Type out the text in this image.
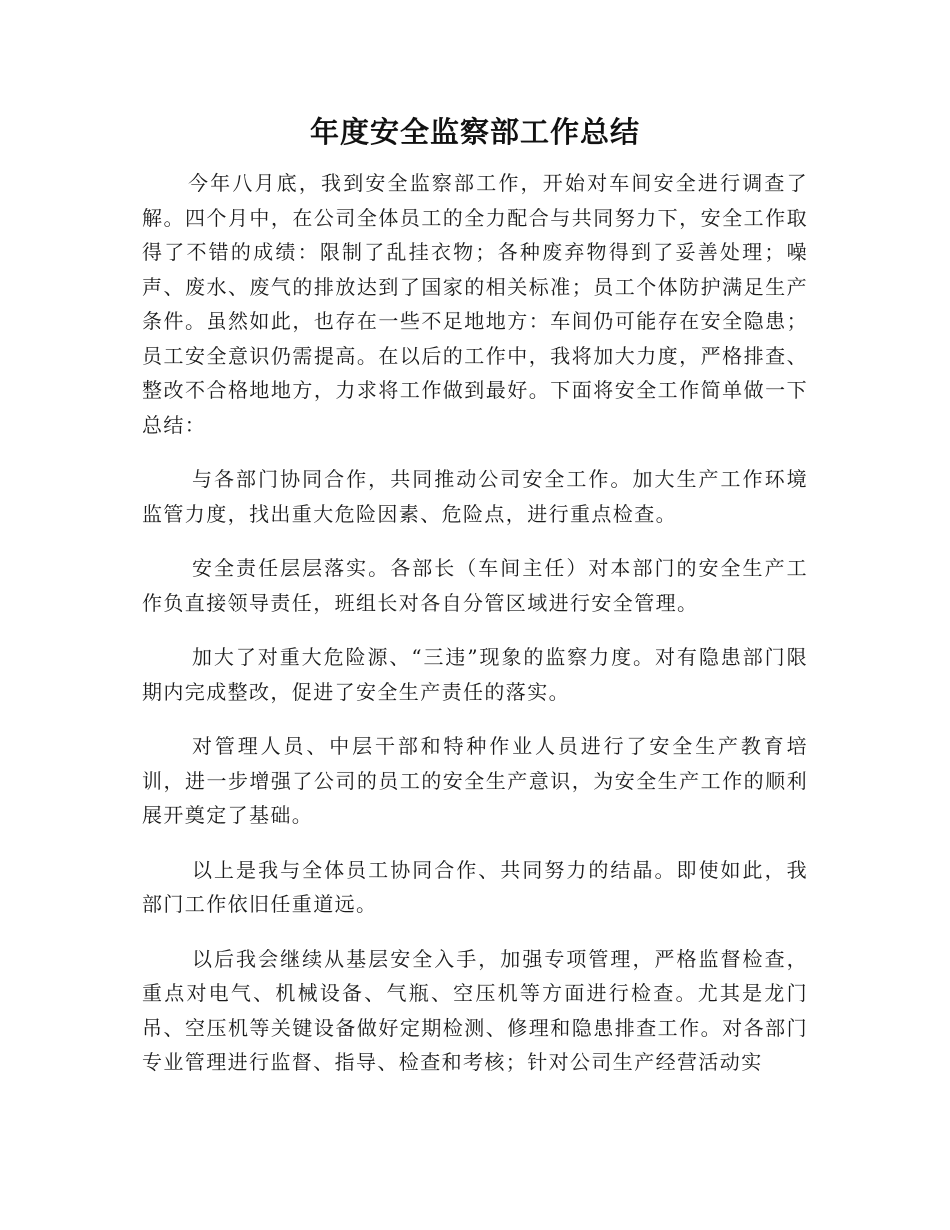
年度安全监察部工作总结

今年八月底，我到安全监察部工作，开始对车间安全进行调查了解。四个月中，在公司全体员工的全力配合与共同努力下，安全工作取得了不错的成绩：限制了乱挂衣物；各种废弃物得到了妥善处理；噪声、废水、废气的排放达到了国家的相关标准；员工个体防护满足生产条件。虽然如此，也存在一些不足地地方：车间仍可能存在安全隐患；员工安全意识仍需提高。在以后的工作中，我将加大力度，严格排查、整改不合格地地方，力求将工作做到最好。下面将安全工作简单做一下总结：

与各部门协同合作，共同推动公司安全工作。加大生产工作环境监管力度，找出重大危险因素、危险点，进行重点检查。

安全责任层层落实。各部长（车间主任）对本部门的安全生产工作负直接领导责任，班组长对各自分管区域进行安全管理。

加大了对重大危险源、“三违”现象的监察力度。对有隐患部门限期内完成整改，促进了安全生产责任的落实。

对管理人员、中层干部和特种作业人员进行了安全生产教育培训，进一步增强了公司的员工的安全生产意识，为安全生产工作的顺利展开奠定了基础。

以上是我与全体员工协同合作、共同努力的结晶。即使如此，我部门工作依旧任重道远。

以后我会继续从基层安全入手，加强专项管理，严格监督检查，重点对电气、机械设备、气瓶、空压机等方面进行检查。尤其是龙门吊、空压机等关键设备做好定期检测、修理和隐患排查工作。对各部门专业管理进行监督、指导、检查和考核；针对公司生产经营活动实
